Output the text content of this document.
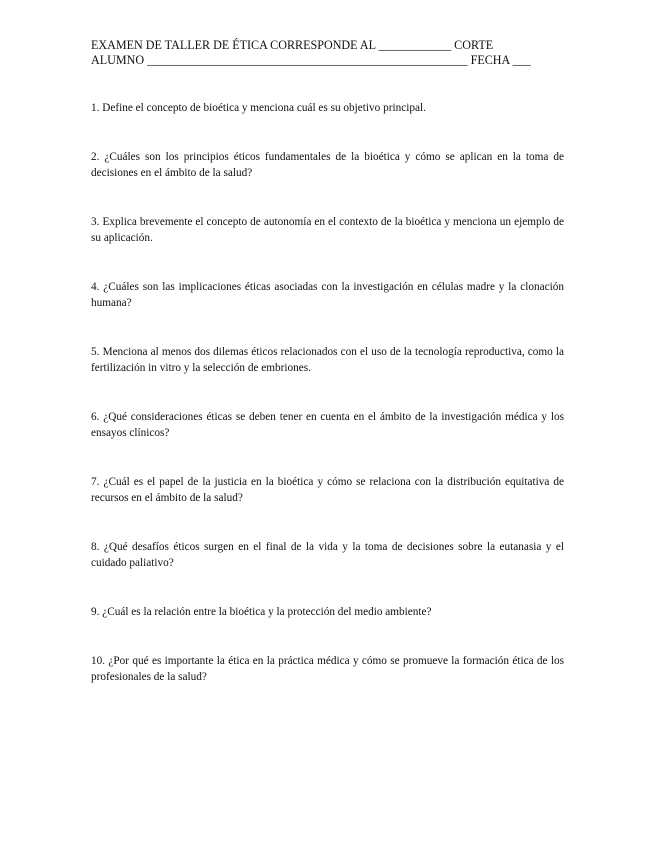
EXAMEN DE TALLER DE ÉTICA CORRESPONDE AL ____________ CORTE
ALUMNO _____________________________________________________ FECHA ___
1. Define el concepto de bioética y menciona cuál es su objetivo principal.
2. ¿Cuáles son los principios éticos fundamentales de la bioética y cómo se aplican en la toma de decisiones en el ámbito de la salud?
3. Explica brevemente el concepto de autonomía en el contexto de la bioética y menciona un ejemplo de su aplicación.
4. ¿Cuáles son las implicaciones éticas asociadas con la investigación en células madre y la clonación humana?
5. Menciona al menos dos dilemas éticos relacionados con el uso de la tecnología reproductiva, como la fertilización in vitro y la selección de embriones.
6. ¿Qué consideraciones éticas se deben tener en cuenta en el ámbito de la investigación médica y los ensayos clínicos?
7. ¿Cuál es el papel de la justicia en la bioética y cómo se relaciona con la distribución equitativa de recursos en el ámbito de la salud?
8. ¿Qué desafíos éticos surgen en el final de la vida y la toma de decisiones sobre la eutanasia y el cuidado paliativo?
9. ¿Cuál es la relación entre la bioética y la protección del medio ambiente?
10. ¿Por qué es importante la ética en la práctica médica y cómo se promueve la formación ética de los profesionales de la salud?
